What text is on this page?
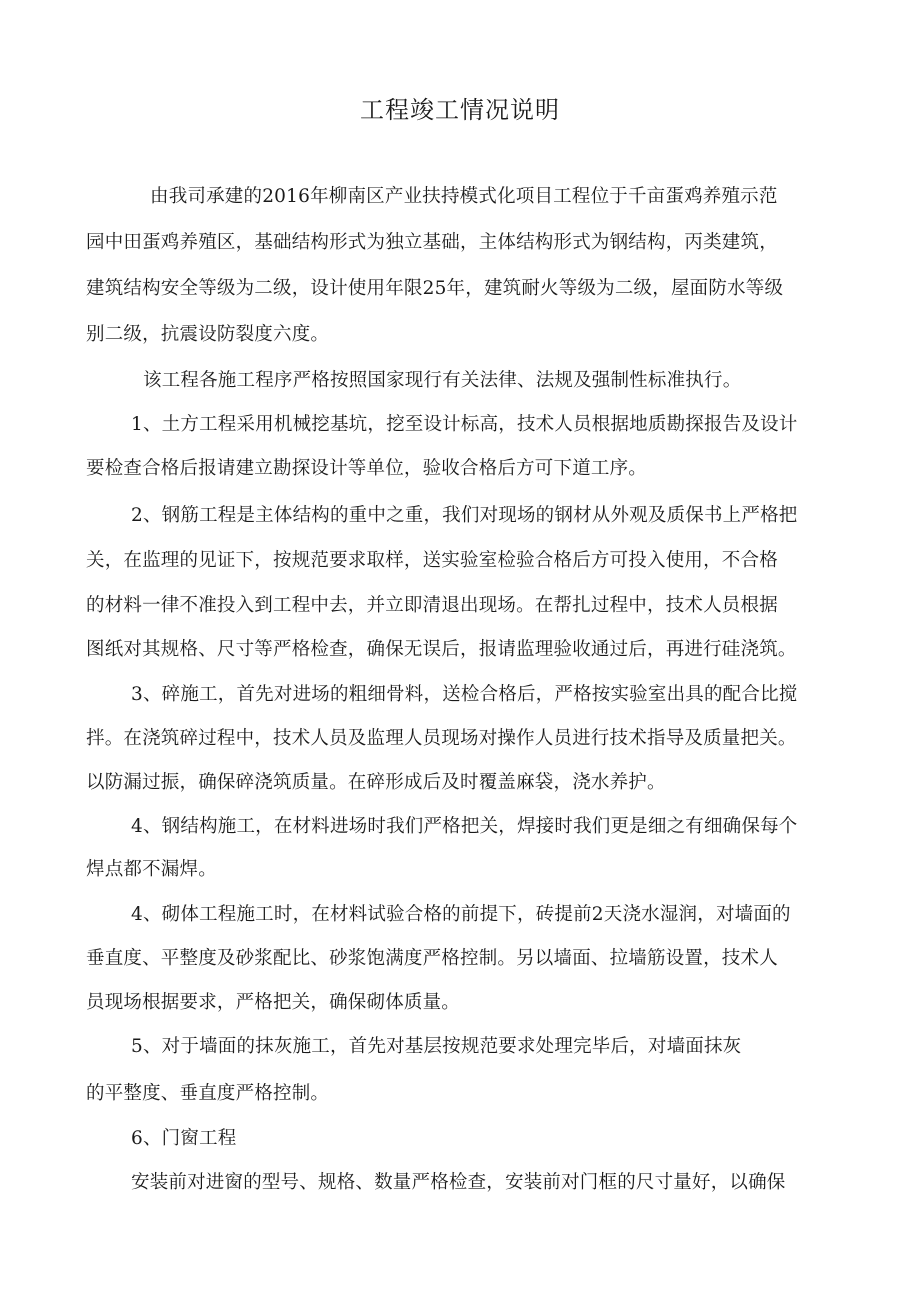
工程竣工情况说明
由我司承建的2016年柳南区产业扶持模式化项目工程位于千亩蛋鸡养殖示范
园中田蛋鸡养殖区，基础结构形式为独立基础，主体结构形式为钢结构，丙类建筑，
建筑结构安全等级为二级，设计使用年限25年，建筑耐火等级为二级，屋面防水等级
别二级，抗震设防裂度六度。
该工程各施工程序严格按照国家现行有关法律、法规及强制性标准执行。
1、土方工程采用机械挖基坑，挖至设计标高，技术人员根据地质勘探报告及设计
要检查合格后报请建立勘探设计等单位，验收合格后方可下道工序。
2、钢筋工程是主体结构的重中之重，我们对现场的钢材从外观及质保书上严格把
关，在监理的见证下，按规范要求取样，送实验室检验合格后方可投入使用，不合格
的材料一律不准投入到工程中去，并立即清退出现场。在帮扎过程中，技术人员根据
图纸对其规格、尺寸等严格检查，确保无误后，报请监理验收通过后，再进行硅浇筑。
3、碎施工，首先对进场的粗细骨料，送检合格后，严格按实验室出具的配合比搅
拌。在浇筑碎过程中，技术人员及监理人员现场对操作人员进行技术指导及质量把关。
以防漏过振，确保碎浇筑质量。在碎形成后及时覆盖麻袋，浇水养护。
4、钢结构施工，在材料进场时我们严格把关，焊接时我们更是细之有细确保每个
焊点都不漏焊。
4、砌体工程施工时，在材料试验合格的前提下，砖提前2天浇水湿润，对墙面的
垂直度、平整度及砂浆配比、砂浆饱满度严格控制。另以墙面、拉墙筋设置，技术人
员现场根据要求，严格把关，确保砌体质量。
5、对于墙面的抹灰施工，首先对基层按规范要求处理完毕后，对墙面抹灰
的平整度、垂直度严格控制。
6、门窗工程
安装前对进窗的型号、规格、数量严格检查，安装前对门框的尺寸量好，以确保
